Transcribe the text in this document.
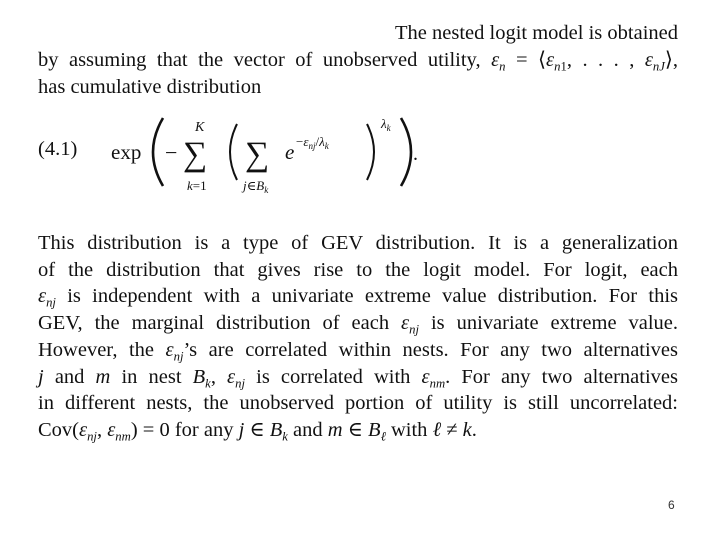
The nested logit model is obtained
by assuming that the vector of unobserved utility, $\varepsilon_n$ = $⟨\varepsilon_{n1}$, . . . , $\varepsilon_{nJ}⟩$,
has cumulative distribution
(4.1) exp − ∑
K
k=1
∑
$j\in B_k$
$e -\varepsilon_{nj}/\lambda_k$
$\lambda_k$
.
This distribution is a type of GEV distribution. It is a generalization
of the distribution that gives rise to the logit model. For logit, each
$\varepsilon_{nj}$ is independent with a univariate extreme value distribution. For this
GEV, the marginal distribution of each $\varepsilon_{nj}$ is univariate extreme value.
However, the $\varepsilon_{nj}’s$ are correlated within nests. For any two alternatives
j and m in nest $B_k$, $\varepsilon_{nj}$ is correlated with $\varepsilon_{nm}$. For any two alternatives
in different nests, the unobserved portion of utility is still uncorrelated:
$Cov(\varepsilon_{nj}$, $\varepsilon_{nm}) = 0$ for any j ∈ $B_k$ and m ∈ $B_\ell$ with ℓ ≠ k.
6
